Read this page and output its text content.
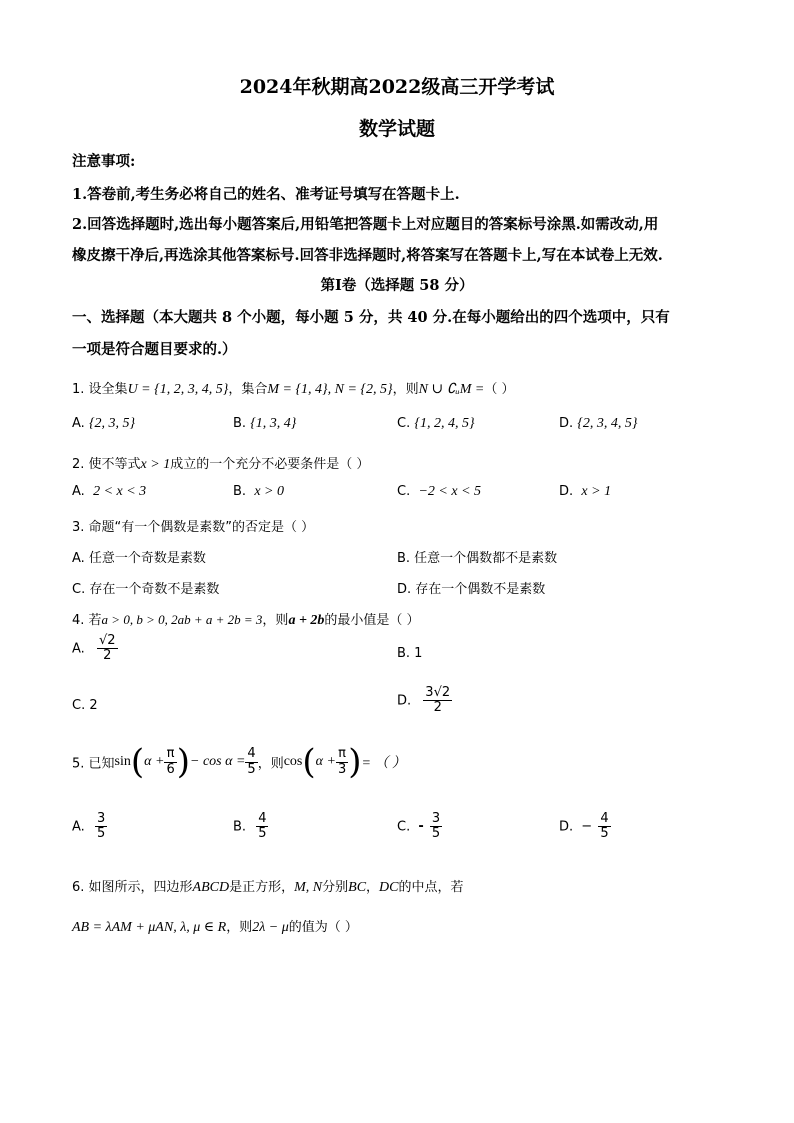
2024年秋期高2022级高三开学考试
数学试题
注意事项:
1.答卷前,考生务必将自己的姓名、准考证号填写在答题卡上.
2.回答选择题时,选出每小题答案后,用铅笔把答题卡上对应题目的答案标号涂黑.如需改动,用
橡皮擦干净后,再选涂其他答案标号.回答非选择题时,将答案写在答题卡上,写在本试卷上无效.
第Ⅰ卷（选择题 58 分）
一、选择题（本大题共 8 个小题，每小题 5 分，共 40 分.在每小题给出的四个选项中，只有
一项是符合题目要求的.）
1. 设全集U = {1, 2, 3, 4, 5}，集合M = {1, 4}, N = {2, 5}，则N ∪ ∁ᵤM =（ ）
A. {2, 3, 5}	B. {1, 3, 4}	C. {1, 2, 4, 5}	D. {2, 3, 4, 5}
2. 使不等式x > 1成立的一个充分不必要条件是（ ）
A. 2 < x < 3	B. x > 0	C. −2 < x < 5	D. x > 1
3. 命题“有一个偶数是素数”的否定是（ ）
A. 任意一个奇数是素数	B. 任意一个偶数都不是素数
C. 存在一个奇数不是素数	D. 存在一个偶数不是素数
4. 若a > 0, b > 0, 2ab + a + 2b = 3，则a + 2b的最小值是（ ）
A. $\frac{√2}{2}$	B. 1
C. 2	D. $\frac{3√2}{2}$
5. 已知$\sin(\alpha + \frac{\pi}{6}$ )− $\cos \alpha = \frac{4}{5}$ ，则$\cos(\alpha + \frac{\pi}{3}$ )= （ ）
A. $\frac{3}{5}$	B. $\frac{4}{5}$	C. - $\frac{3}{5}$	D. − $\frac{4}{5}$
6. 如图所示，四边形ABCD是正方形，M, N分别BC，DC的中点，若
AB = λAM + μAN, λ, μ ∈ R，则2λ − μ的值为（ ）
